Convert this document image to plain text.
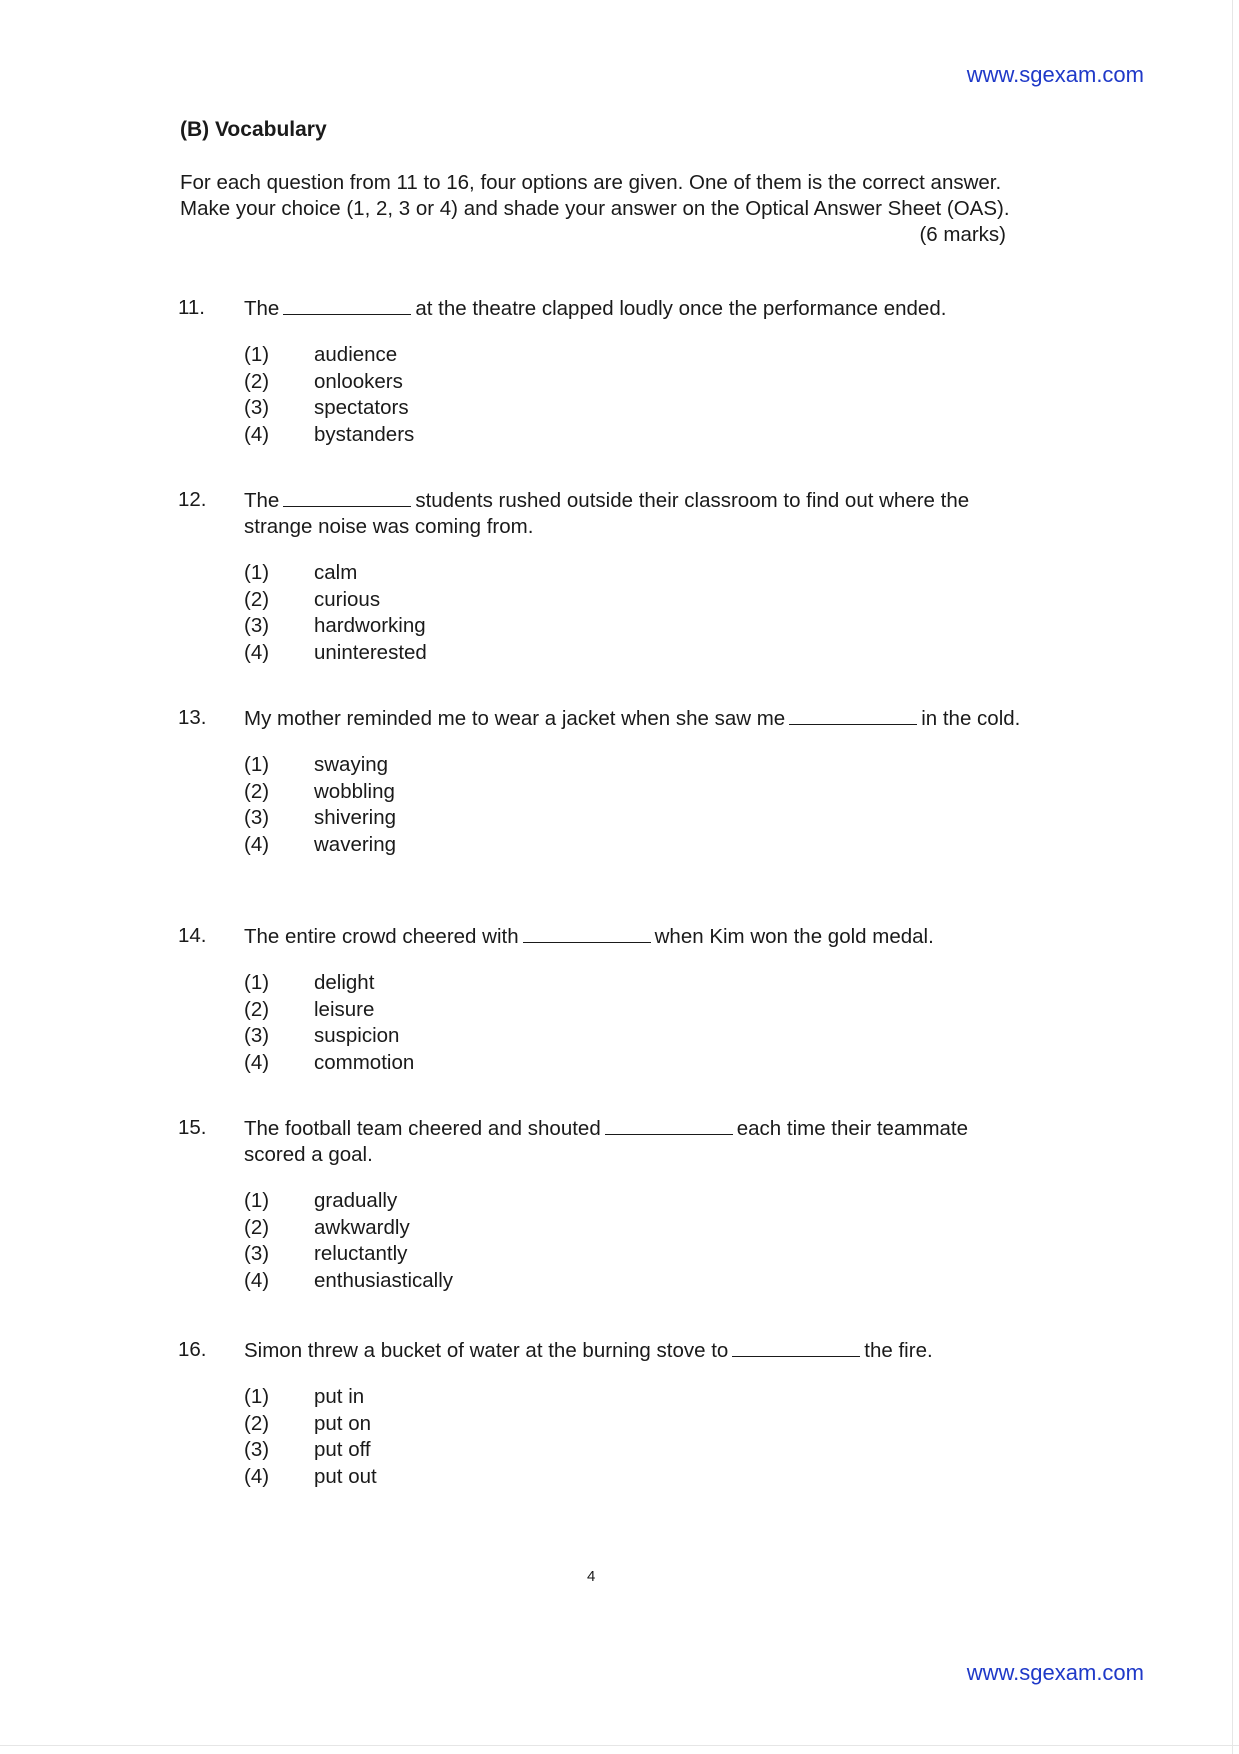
www.sgexam.com
(B) Vocabulary
For each question from 11 to 16, four options are given. One of them is the correct answer. Make your choice (1, 2, 3 or 4) and shade your answer on the Optical Answer Sheet (OAS).
(6 marks)
11. The	at the theatre clapped loudly once the performance ended.
(1)	audience
(2)	onlookers
(3)	spectators
(4)	bystanders
12. The	students rushed outside their classroom to find out where the strange noise was coming from.
(1)	calm
(2)	curious
(3)	hardworking
(4)	uninterested
13. My mother reminded me to wear a jacket when she saw me	in the cold.
(1)	swaying
(2)	wobbling
(3)	shivering
(4)	wavering
14. The entire crowd cheered with	when Kim won the gold medal.
(1)	delight
(2)	leisure
(3)	suspicion
(4)	commotion
15. The football team cheered and shouted	each time their teammate scored a goal.
(1)	gradually
(2)	awkwardly
(3)	reluctantly
(4)	enthusiastically
16. Simon threw a bucket of water at the burning stove to	the fire.
(1)	put in
(2)	put on
(3)	put off
(4)	put out
4
www.sgexam.com
